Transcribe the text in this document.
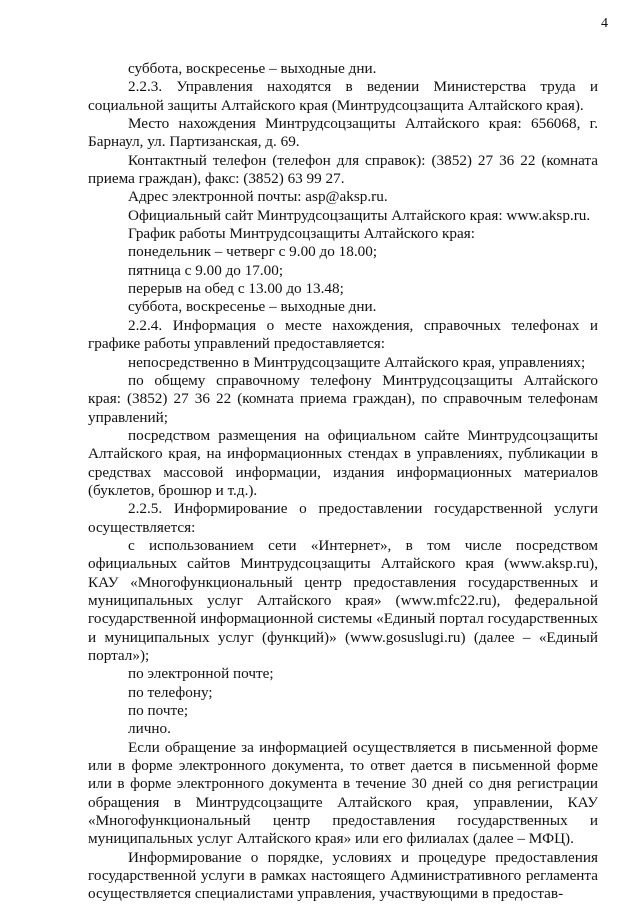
4

суббота, воскресенье – выходные дни.

2.2.3. Управления находятся в ведении Министерства труда и социальной защиты Алтайского края (Минтрудсоцзащита Алтайского края).

Место нахождения Минтрудсоцзащиты Алтайского края: 656068, г. Барнаул, ул. Партизанская, д. 69.

Контактный телефон (телефон для справок): (3852) 27 36 22 (комната приема граждан), факс: (3852) 63 99 27.

Адрес электронной почты: asp@aksp.ru.

Официальный сайт Минтрудсоцзащиты Алтайского края: www.aksp.ru.

График работы Минтрудсоцзащиты Алтайского края:

понедельник – четверг с 9.00 до 18.00;

пятница с 9.00 до 17.00;

перерыв на обед с 13.00 до 13.48;

суббота, воскресенье – выходные дни.

2.2.4. Информация о месте нахождения, справочных телефонах и графике работы управлений предоставляется:

непосредственно в Минтрудсоцзащите Алтайского края, управлениях;

по общему справочному телефону Минтрудсоцзащиты Алтайского края: (3852) 27 36 22 (комната приема граждан), по справочным телефонам управлений;

посредством размещения на официальном сайте Минтрудсоцзащиты Алтайского края, на информационных стендах в управлениях, публикации в средствах массовой информации, издания информационных материалов (буклетов, брошюр и т.д.).

2.2.5. Информирование о предоставлении государственной услуги осуществляется:

с использованием сети «Интернет», в том числе посредством официальных сайтов Минтрудсоцзащиты Алтайского края (www.aksp.ru), КАУ «Многофункциональный центр предоставления государственных и муниципальных услуг Алтайского края» (www.mfc22.ru), федеральной государственной информационной системы «Единый портал государственных и муниципальных услуг (функций)» (www.gosuslugi.ru) (далее – «Единый портал»);

по электронной почте;

по телефону;

по почте;

лично.

Если обращение за информацией осуществляется в письменной форме или в форме электронного документа, то ответ дается в письменной форме или в форме электронного документа в течение 30 дней со дня регистрации обращения в Минтрудсоцзащите Алтайского края, управлении, КАУ «Многофункциональный центр предоставления государственных и муниципальных услуг Алтайского края» или его филиалах (далее – МФЦ).

Информирование о порядке, условиях и процедуре предоставления государственной услуги в рамках настоящего Административного регламента осуществляется специалистами управления, участвующими в предостав-
